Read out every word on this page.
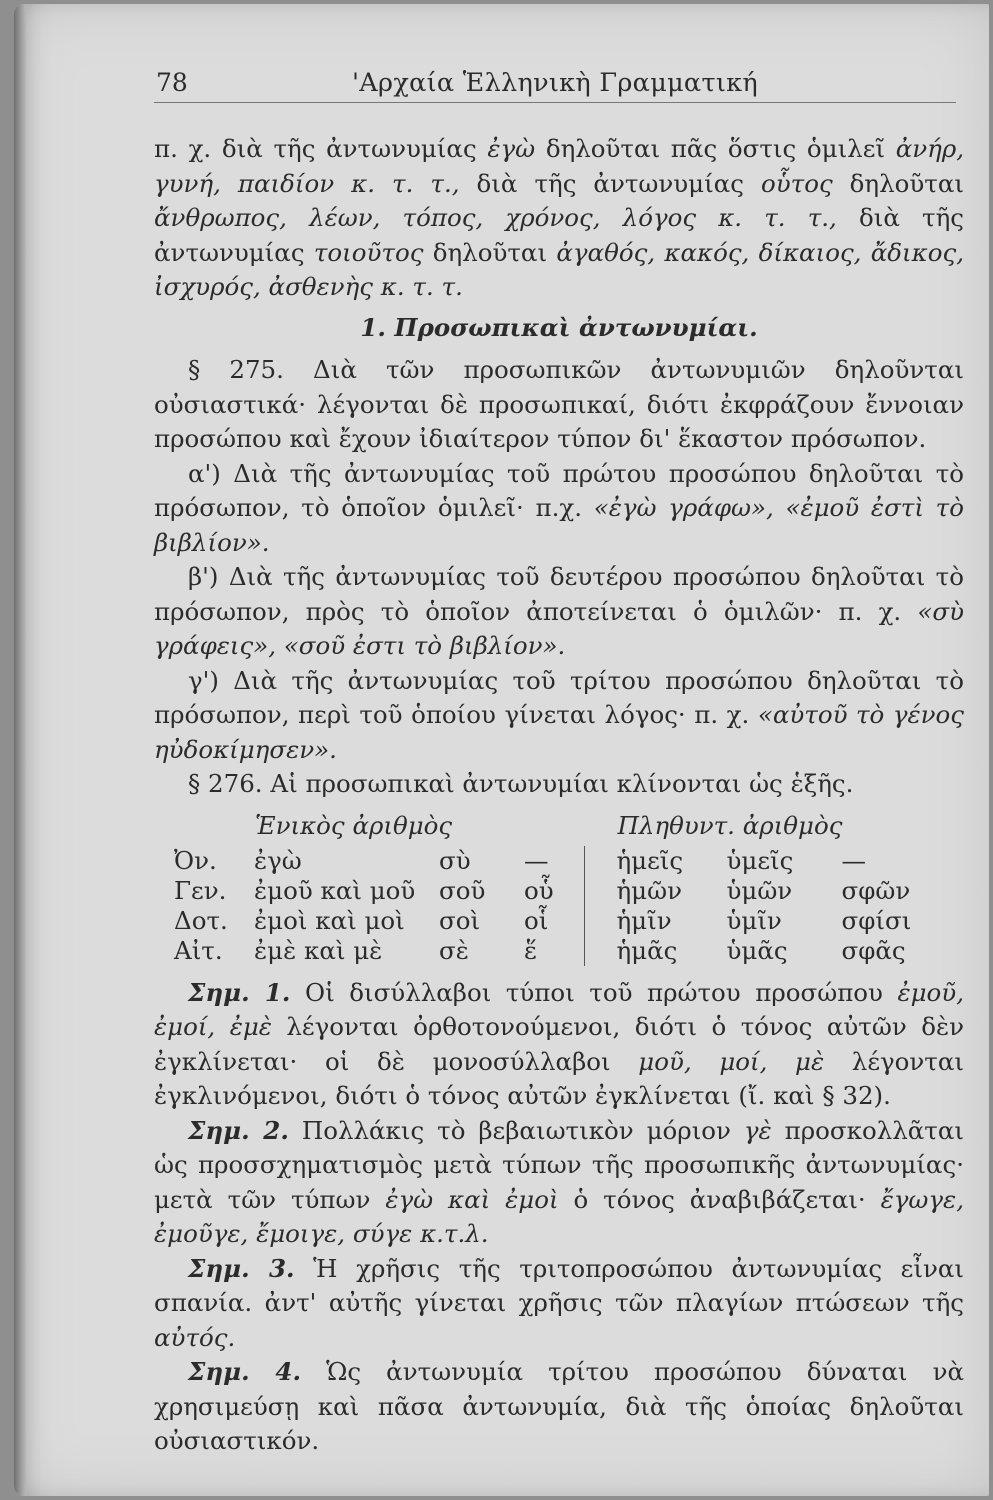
78	'Αρχαία Ἑλληνικὴ Γραμματική

π. χ. διὰ τῆς ἀντωνυμίας ἐγὼ δηλοῦται πᾶς ὅστις ὁμιλεῖ ἀνήρ, γυνή, παιδίον κ. τ. τ., διὰ τῆς ἀντωνυμίας οὗτος δηλοῦται ἄνθρωπος, λέων, τόπος, χρόνος, λόγος κ. τ. τ., διὰ τῆς ἀντωνυμίας τοιοῦτος δηλοῦται ἀγαθός, κακός, δίκαιος, ἄδικος, ἰσχυρός, ἀσθενὴς κ. τ. τ.

1. Προσωπικαὶ ἀντωνυμίαι.

§ 275. Διὰ τῶν προσωπικῶν ἀντωνυμιῶν δηλοῦνται οὐσιαστικά· λέγονται δὲ προσωπικαί, διότι ἐκφράζουν ἔννοιαν προσώπου καὶ ἔχουν ἰδιαίτερον τύπον δι' ἕκαστον πρόσωπον.

α') Διὰ τῆς ἀντωνυμίας τοῦ πρώτου προσώπου δηλοῦται τὸ πρόσωπον, τὸ ὁποῖον ὁμιλεῖ· π.χ. «ἐγὼ γράφω», «ἐμοῦ ἐστὶ τὸ βιβλίον».

β') Διὰ τῆς ἀντωνυμίας τοῦ δευτέρου προσώπου δηλοῦται τὸ πρόσωπον, πρὸς τὸ ὁποῖον ἀποτείνεται ὁ ὁμιλῶν· π. χ. «σὺ γράφεις», «σοῦ ἐστι τὸ βιβλίον».

γ') Διὰ τῆς ἀντωνυμίας τοῦ τρίτου προσώπου δηλοῦται τὸ πρόσωπον, περὶ τοῦ ὁποίου γίνεται λόγος· π. χ. «αὐτοῦ τὸ γένος ηὐδοκίμησεν».

§ 276. Αἱ προσωπικαὶ ἀντωνυμίαι κλίνονται ὡς ἑξῆς.

	Ἑνικὸς ἀριθμὸς				Πληθυντ. ἀριθμὸς		
Ὀν.	ἐγὼ	σὺ	—		ἡμεῖς	ὑμεῖς	—
Γεν.	ἐμοῦ καὶ μοῦ	σοῦ	οὗ		ἡμῶν	ὑμῶν	σφῶν
Δοτ.	ἐμοὶ καὶ μοὶ	σοὶ	οἷ		ἡμῖν	ὑμῖν	σφίσι
Αἰτ.	ἐμὲ καὶ μὲ	σὲ	ἕ		ἡμᾶς	ὑμᾶς	σφᾶς

Σημ. 1. Οἱ δισύλλαβοι τύποι τοῦ πρώτου προσώπου ἐμοῦ, ἐμοί, ἐμὲ λέγονται ὀρθοτονούμενοι, διότι ὁ τόνος αὐτῶν δὲν ἐγκλίνεται· οἱ δὲ μονοσύλλαβοι μοῦ, μοί, μὲ λέγονται ἐγκλινόμενοι, διότι ὁ τόνος αὐτῶν ἐγκλίνεται (ἴ. καὶ § 32).

Σημ. 2. Πολλάκις τὸ βεβαιωτικὸν μόριον γὲ προσκολλᾶται ὡς προσσχηματισμὸς μετὰ τύπων τῆς προσωπικῆς ἀντωνυμίας· μετὰ τῶν τύπων ἐγὼ καὶ ἐμοὶ ὁ τόνος ἀναβιβάζεται· ἔγωγε, ἐμοῦγε, ἔμοιγε, σύγε κ.τ.λ.

Σημ. 3. Ἡ χρῆσις τῆς τριτοπροσώπου ἀντωνυμίας εἶναι σπανία. ἀντ' αὐτῆς γίνεται χρῆσις τῶν πλαγίων πτώσεων τῆς αὐτός.

Σημ. 4. Ὡς ἀντωνυμία τρίτου προσώπου δύναται νὰ χρησιμεύσῃ καὶ πᾶσα ἀντωνυμία, διὰ τῆς ὁποίας δηλοῦται οὐσιαστικόν.
